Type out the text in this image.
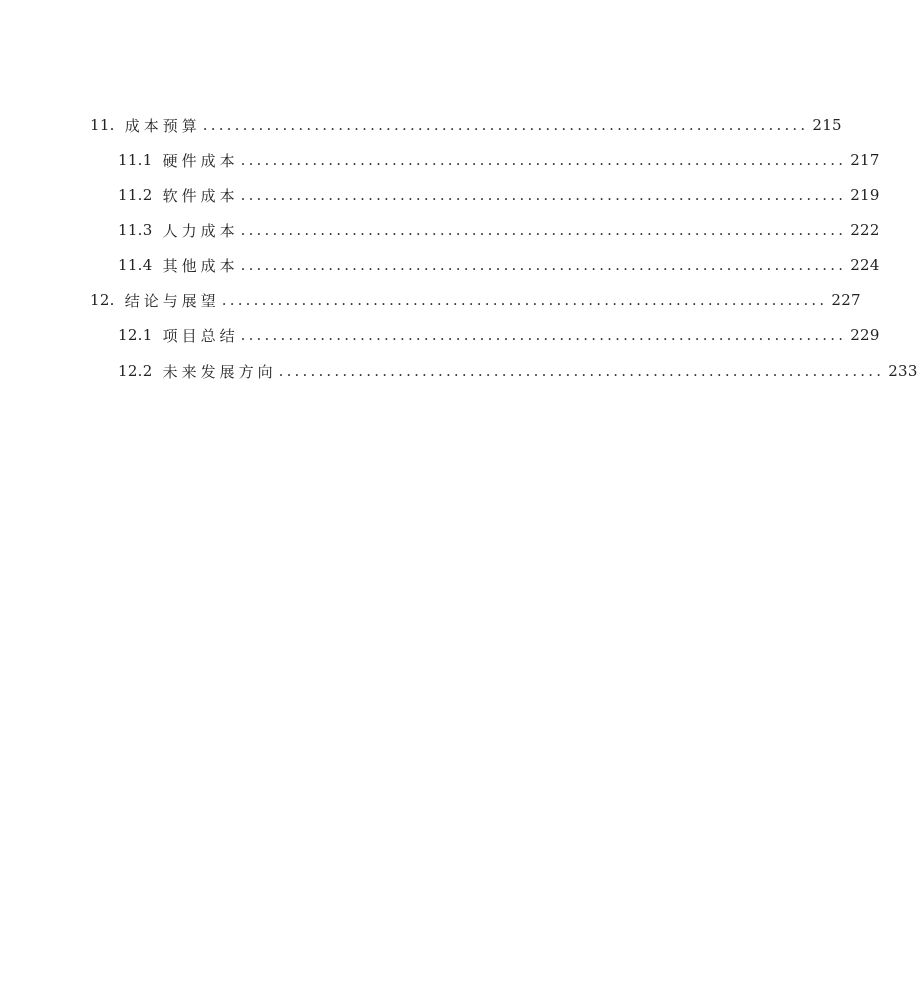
11. 成本预算 ............................................................................ 215
11.1 硬件成本 ............................................................................ 217
11.2 软件成本 ............................................................................ 219
11.3 人力成本 ............................................................................ 222
11.4 其他成本 ............................................................................ 224
12. 结论与展望 ............................................................................ 227
12.1 项目总结 ............................................................................ 229
12.2 未来发展方向 ............................................................................ 233
